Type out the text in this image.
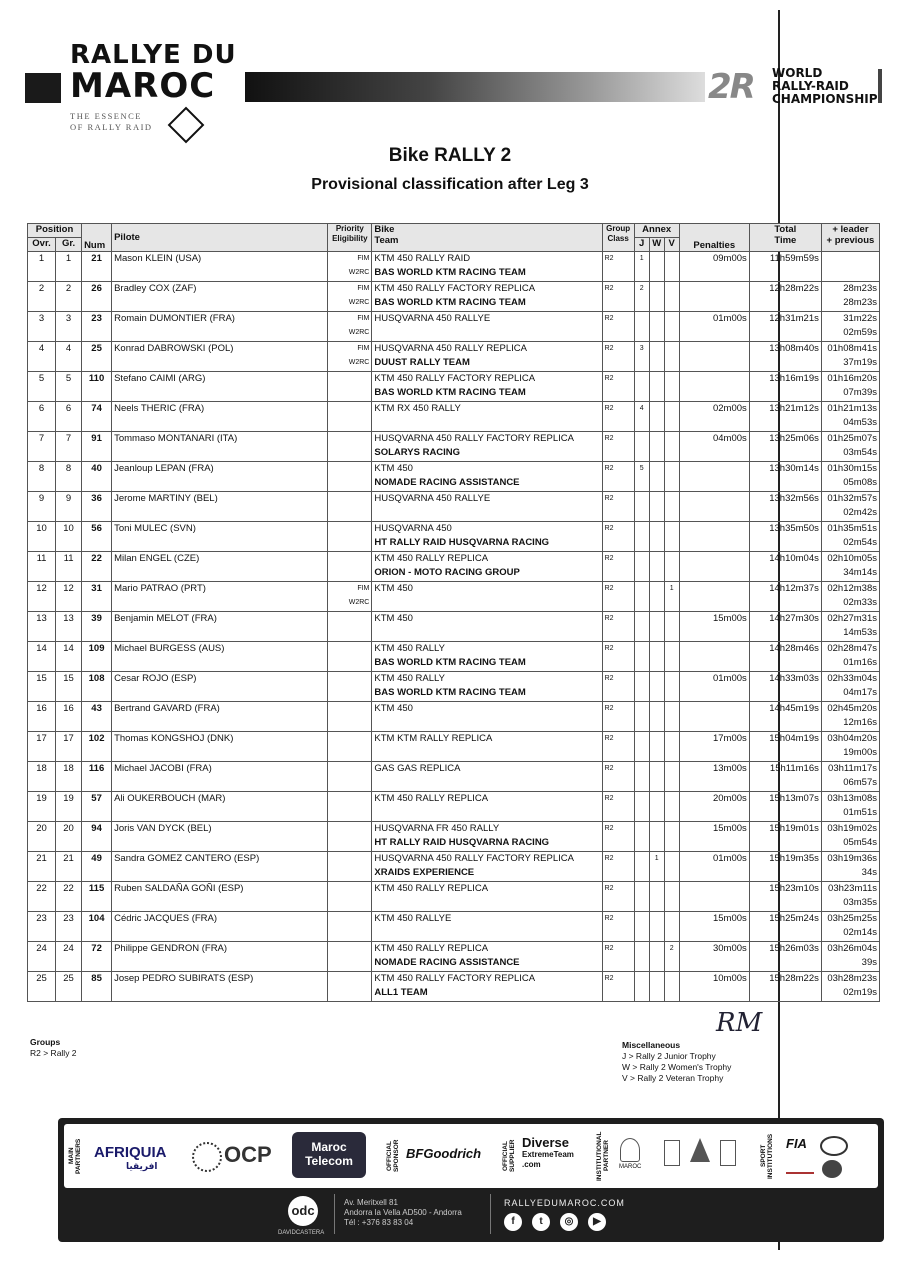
RALLYE DU
MAROC
THE ESSENCE
OF RALLY RAID
2R WORLD
RALLY-RAID
CHAMPIONSHIP
Bike RALLY 2
Provisional classification after Leg 3
Position		Num	Pilote	Priority
Eligibility	Bike
Team	Group
Class	Annex			Penalties	Total
Time	+ leader
+ previous
Ovr.	Gr.						J	W	V			
1	1	21	Mason KLEIN (USA)	FIM
W2RC	KTM 450 RALLY RAID
BAS WORLD KTM RACING TEAM	R2	1			09m00s	11h59m59s	

2	2	26	Bradley COX (ZAF)	FIM
W2RC	KTM 450 RALLY FACTORY REPLICA
BAS WORLD KTM RACING TEAM	R2	2				12h28m22s	28m23s
28m23s
3	3	23	Romain DUMONTIER (FRA)	FIM
W2RC	HUSQVARNA 450 RALLYE	R2				01m00s	12h31m21s	31m22s
02m59s
4	4	25	Konrad DABROWSKI (POL)	FIM
W2RC	HUSQVARNA 450 RALLY REPLICA
DUUST RALLY TEAM	R2	3				13h08m40s	01h08m41s
37m19s
5	5	110	Stefano CAIMI (ARG)		KTM 450 RALLY FACTORY REPLICA
BAS WORLD KTM RACING TEAM	R2					13h16m19s	01h16m20s
07m39s
6	6	74	Neels THERIC (FRA)		KTM RX 450 RALLY	R2	4			02m00s	13h21m12s	01h21m13s
04m53s
7	7	91	Tommaso MONTANARI (ITA)		HUSQVARNA 450 RALLY FACTORY REPLICA
SOLARYS RACING	R2				04m00s	13h25m06s	01h25m07s
03m54s
8	8	40	Jeanloup LEPAN (FRA)		KTM 450
NOMADE RACING ASSISTANCE	R2	5				13h30m14s	01h30m15s
05m08s
9	9	36	Jerome MARTINY (BEL)		HUSQVARNA 450 RALLYE	R2					13h32m56s	01h32m57s
02m42s
10	10	56	Toni MULEC (SVN)		HUSQVARNA 450
HT RALLY RAID HUSQVARNA RACING	R2					13h35m50s	01h35m51s
02m54s
11	11	22	Milan ENGEL (CZE)		KTM 450 RALLY REPLICA
ORION - MOTO RACING GROUP	R2					14h10m04s	02h10m05s
34m14s
12	12	31	Mario PATRAO (PRT)	FIM
W2RC	KTM 450	R2			1		14h12m37s	02h12m38s
02m33s
13	13	39	Benjamin MELOT (FRA)		KTM 450	R2				15m00s	14h27m30s	02h27m31s
14m53s
14	14	109	Michael BURGESS (AUS)		KTM 450 RALLY
BAS WORLD KTM RACING TEAM	R2					14h28m46s	02h28m47s
01m16s
15	15	108	Cesar ROJO (ESP)		KTM 450 RALLY
BAS WORLD KTM RACING TEAM	R2				01m00s	14h33m03s	02h33m04s
04m17s
16	16	43	Bertrand GAVARD (FRA)		KTM 450	R2					14h45m19s	02h45m20s
12m16s
17	17	102	Thomas KONGSHOJ (DNK)		KTM KTM RALLY REPLICA	R2				17m00s	15h04m19s	03h04m20s
19m00s
18	18	116	Michael JACOBI (FRA)		GAS GAS REPLICA	R2				13m00s	15h11m16s	03h11m17s
06m57s
19	19	57	Ali OUKERBOUCH (MAR)		KTM 450 RALLY REPLICA	R2				20m00s	15h13m07s	03h13m08s
01m51s
20	20	94	Joris VAN DYCK (BEL)		HUSQVARNA FR 450 RALLY
HT RALLY RAID HUSQVARNA RACING	R2				15m00s	15h19m01s	03h19m02s
05m54s
21	21	49	Sandra GOMEZ CANTERO (ESP)		HUSQVARNA 450 RALLY FACTORY REPLICA
XRAIDS EXPERIENCE	R2		1		01m00s	15h19m35s	03h19m36s
34s
22	22	115	Ruben SALDAÑA GOÑI (ESP)		KTM 450 RALLY REPLICA	R2					15h23m10s	03h23m11s
03m35s
23	23	104	Cédric JACQUES (FRA)		KTM 450 RALLYE	R2				15m00s	15h25m24s	03h25m25s
02m14s
24	24	72	Philippe GENDRON (FRA)		KTM 450 RALLY REPLICA
NOMADE RACING ASSISTANCE	R2			2	30m00s	15h26m03s	03h26m04s
39s
25	25	85	Josep PEDRO SUBIRATS (ESP)		KTM 450 RALLY FACTORY REPLICA
ALL1 TEAM	R2				10m00s	15h28m22s	03h28m23s
02m19s
Groups
R2 > Rally 2
RM
Miscellaneous
J > Rally 2 Junior Trophy
W > Rally 2 Women's Trophy
V > Rally 2 Veteran Trophy
MAIN PARTNERS AFRIQUIA
افريقيا	OCP	Maroc
Telecom	OFFICIAL SPONSOR BFGoodrich	OFFICIAL SUPPLIER Diverse
ExtremeTeam
.com	INSTITUTIONAL PARTNER MAROC	SPORT INSTITUTIONS FIA
odc
DAVIDCASTERA
Av. Meritxell 81
Andorra la Vella AD500 - Andorra
Tél : +376 83 83 04
RALLYEDUMAROC.COM
f	t	◎	▶
